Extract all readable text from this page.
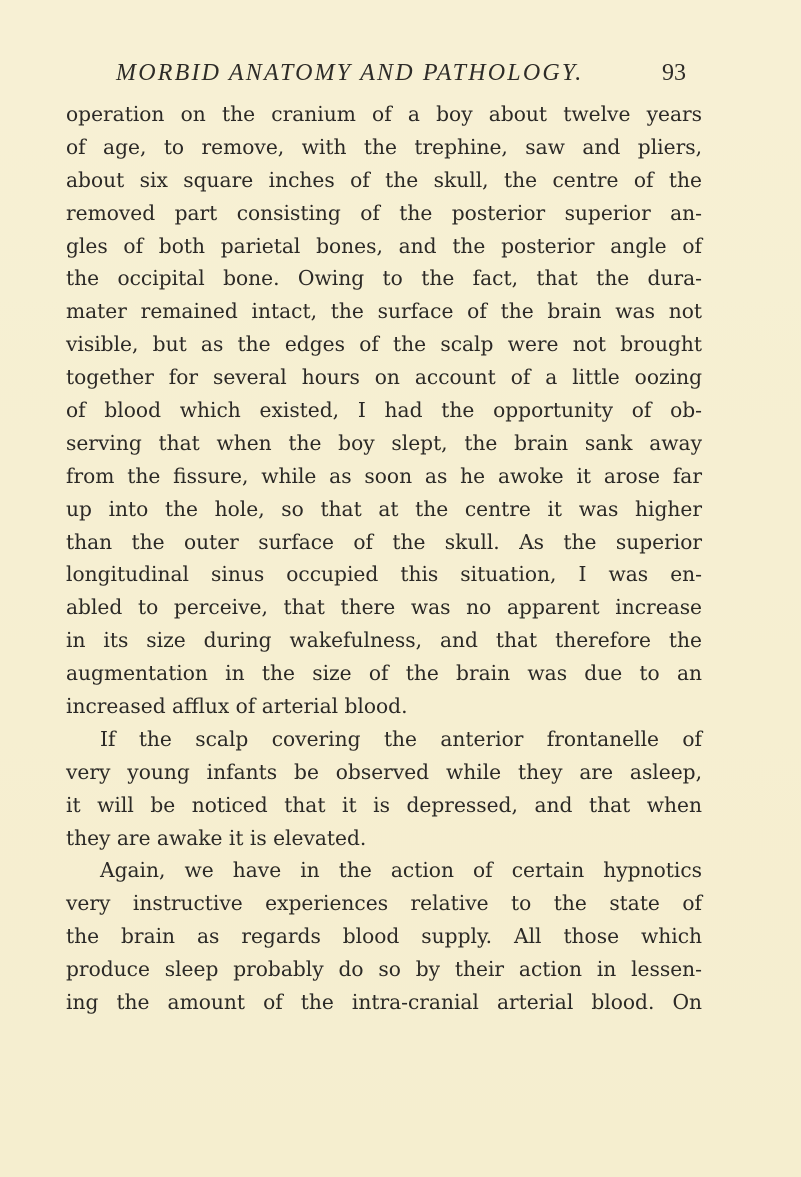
MORBID ANATOMY AND PATHOLOGY.	93
operation on the cranium of a boy about twelve years
of age, to remove, with the trephine, saw and pliers,
about six square inches of the skull, the centre of the
removed part consisting of the posterior superior an-
gles of both parietal bones, and the posterior angle of
the occipital bone. Owing to the fact, that the dura-
mater remained intact, the surface of the brain was not
visible, but as the edges of the scalp were not brought
together for several hours on account of a little oozing
of blood which existed, I had the opportunity of ob-
serving that when the boy slept, the brain sank away
from the fissure, while as soon as he awoke it arose far
up into the hole, so that at the centre it was higher
than the outer surface of the skull. As the superior
longitudinal sinus occupied this situation, I was en-
abled to perceive, that there was no apparent increase
in its size during wakefulness, and that therefore the
augmentation in the size of the brain was due to an
increased afflux of arterial blood.
If the scalp covering the anterior frontanelle of
very young infants be observed while they are asleep,
it will be noticed that it is depressed, and that when
they are awake it is elevated.
Again, we have in the action of certain hypnotics
very instructive experiences relative to the state of
the brain as regards blood supply. All those which
produce sleep probably do so by their action in lessen-
ing the amount of the intra-cranial arterial blood. On
